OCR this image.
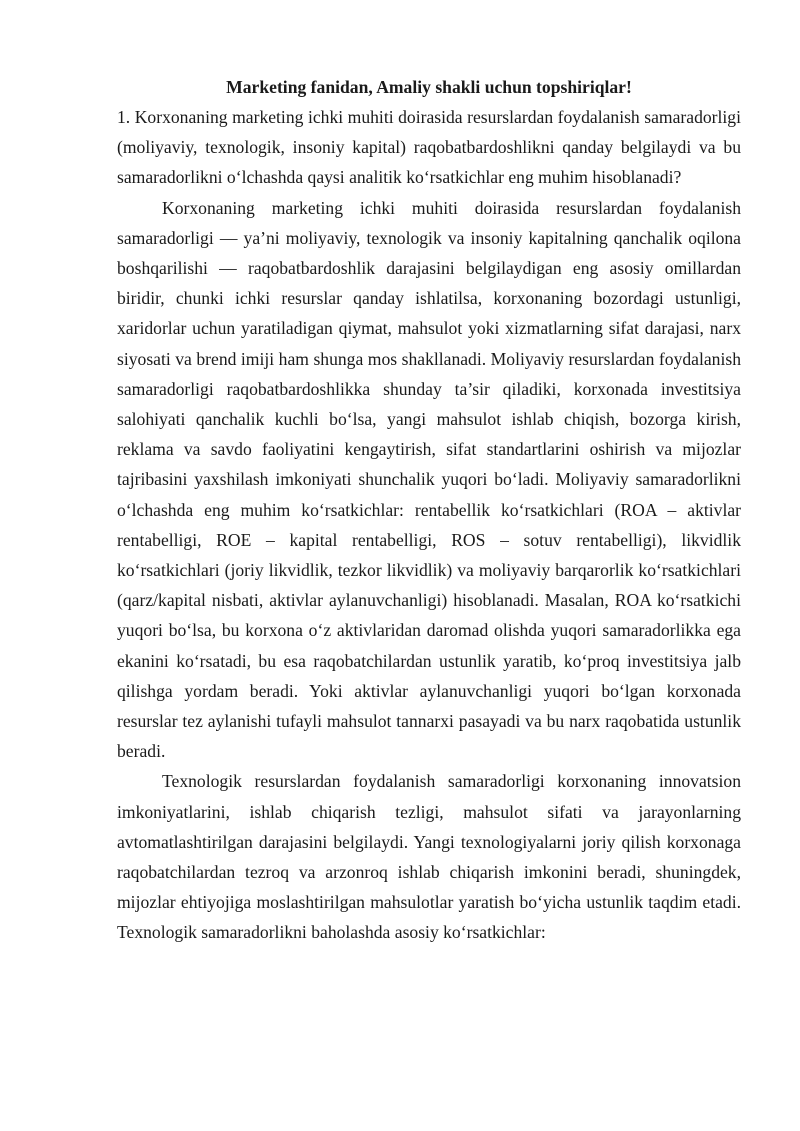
Marketing fanidan, Amaliy shakli uchun topshiriqlar!

1. Korxonaning marketing ichki muhiti doirasida resurslardan foydalanish samaradorligi (moliyaviy, texnologik, insoniy kapital) raqobatbardoshlikni qanday belgilaydi va bu samaradorlikni o‘lchashda qaysi analitik ko‘rsatkichlar eng muhim hisoblanadi?

Korxonaning marketing ichki muhiti doirasida resurslardan foydalanish samaradorligi — ya’ni moliyaviy, texnologik va insoniy kapitalning qanchalik oqilona boshqarilishi — raqobatbardoshlik darajasini belgilaydigan eng asosiy omillardan biridir, chunki ichki resurslar qanday ishlatilsa, korxonaning bozordagi ustunligi, xaridorlar uchun yaratiladigan qiymat, mahsulot yoki xizmatlarning sifat darajasi, narx siyosati va brend imiji ham shunga mos shakllanadi. Moliyaviy resurslardan foydalanish samaradorligi raqobatbardoshlikka shunday ta’sir qiladiki, korxonada investitsiya salohiyati qanchalik kuchli bo‘lsa, yangi mahsulot ishlab chiqish, bozorga kirish, reklama va savdo faoliyatini kengaytirish, sifat standartlarini oshirish va mijozlar tajribasini yaxshilash imkoniyati shunchalik yuqori bo‘ladi. Moliyaviy samaradorlikni o‘lchashda eng muhim ko‘rsatkichlar: rentabellik ko‘rsatkichlari (ROA – aktivlar rentabelligi, ROE – kapital rentabelligi, ROS – sotuv rentabelligi), likvidlik ko‘rsatkichlari (joriy likvidlik, tezkor likvidlik) va moliyaviy barqarorlik ko‘rsatkichlari (qarz/kapital nisbati, aktivlar aylanuvchanligi) hisoblanadi. Masalan, ROA ko‘rsatkichi yuqori bo‘lsa, bu korxona o‘z aktivlaridan daromad olishda yuqori samaradorlikka ega ekanini ko‘rsatadi, bu esa raqobatchilardan ustunlik yaratib, ko‘proq investitsiya jalb qilishga yordam beradi. Yoki aktivlar aylanuvchanligi yuqori bo‘lgan korxonada resurslar tez aylanishi tufayli mahsulot tannarxi pasayadi va bu narx raqobatida ustunlik beradi.

Texnologik resurslardan foydalanish samaradorligi korxonaning innovatsion imkoniyatlarini, ishlab chiqarish tezligi, mahsulot sifati va jarayonlarning avtomatlashtirilgan darajasini belgilaydi. Yangi texnologiyalarni joriy qilish korxonaga raqobatchilardan tezroq va arzonroq ishlab chiqarish imkonini beradi, shuningdek, mijozlar ehtiyojiga moslashtirilgan mahsulotlar yaratish bo‘yicha ustunlik taqdim etadi. Texnologik samaradorlikni baholashda asosiy ko‘rsatkichlar:
